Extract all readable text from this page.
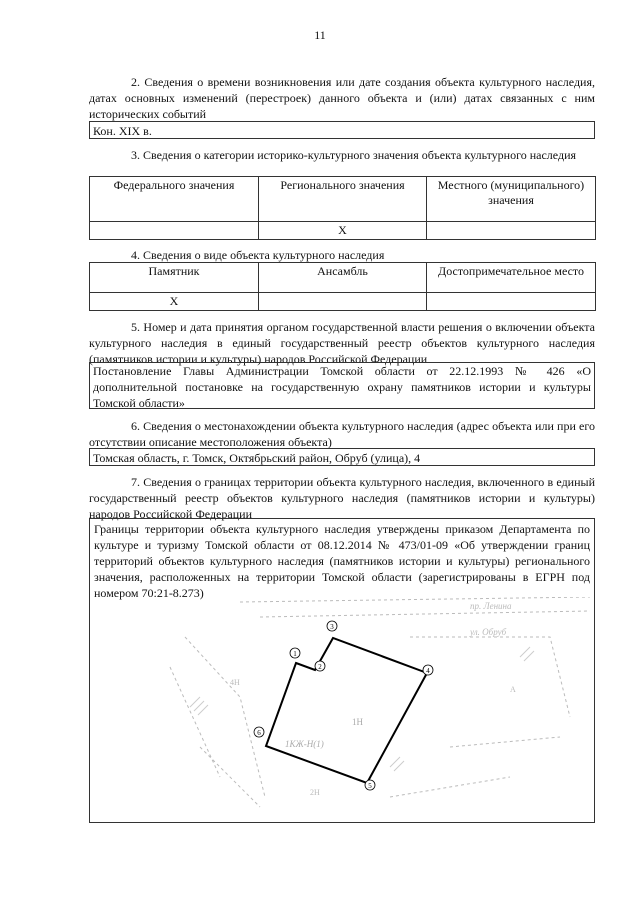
11
2. Сведения о времени возникновения или дате создания объекта культурного наследия, датах основных изменений (перестроек) данного объекта и (или) датах связанных с ним исторических событий
Кон. XIX в.
3. Сведения о категории историко-культурного значения объекта культурного наследия
Федерального значения	Регионального значения	Местного (муниципального) значения
	X	
4. Сведения о виде объекта культурного наследия
Памятник	Ансамбль	Достопримечательное место
X		
5. Номер и дата принятия органом государственной власти решения о включении объекта культурного наследия в единый государственный реестр объектов культурного наследия (памятников истории и культуры) народов Российской Федерации
Постановление Главы Администрации Томской области от 22.12.1993 № 426 «О дополнительной постановке на государственную охрану памятников истории и культуры Томской области»
6. Сведения о местонахождении объекта культурного наследия (адрес объекта или при его отсутствии описание местоположения объекта)
Томская область, г. Томск, Октябрьский район, Обруб (улица), 4
7. Сведения о границах территории объекта культурного наследия, включенного в единый государственный реестр объектов культурного наследия (памятников истории и культуры) народов Российской Федерации
Границы территории объекта культурного наследия утверждены приказом Департамента по культуре и туризму Томской области от 08.12.2014 № 473/01-09 «Об утверждении границ территорий объектов культурного наследия (памятников истории и культуры) регионального значения, расположенных на территории Томской области (зарегистрированы в ЕГРН под номером 70:21-8.273)
пр. Ленина
ул. Обруб
1Н
1КЖ-Н(1)
4Н
А
2Н
1
2
3
4
5
6
